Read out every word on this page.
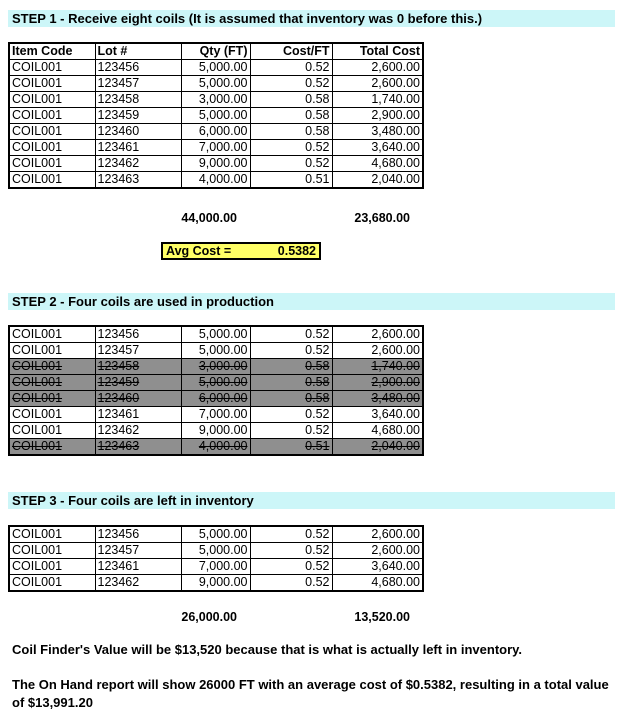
STEP 1 - Receive eight coils (It is assumed that inventory was 0 before this.)
Item Code	Lot #	Qty (FT)	Cost/FT	Total Cost
COIL001	123456	5,000.00	0.52	2,600.00
COIL001	123457	5,000.00	0.52	2,600.00
COIL001	123458	3,000.00	0.58	1,740.00
COIL001	123459	5,000.00	0.58	2,900.00
COIL001	123460	6,000.00	0.58	3,480.00
COIL001	123461	7,000.00	0.52	3,640.00
COIL001	123462	9,000.00	0.52	4,680.00
COIL001	123463	4,000.00	0.51	2,040.00
44,000.00	23,680.00
Avg Cost =	0.5382
STEP 2 - Four coils are used in production
COIL001	123456	5,000.00	0.52	2,600.00
COIL001	123457	5,000.00	0.52	2,600.00
COIL001	123458	3,000.00	0.58	1,740.00
COIL001	123459	5,000.00	0.58	2,900.00
COIL001	123460	6,000.00	0.58	3,480.00
COIL001	123461	7,000.00	0.52	3,640.00
COIL001	123462	9,000.00	0.52	4,680.00
COIL001	123463	4,000.00	0.51	2,040.00
STEP 3 - Four coils are left in inventory
COIL001	123456	5,000.00	0.52	2,600.00
COIL001	123457	5,000.00	0.52	2,600.00
COIL001	123461	7,000.00	0.52	3,640.00
COIL001	123462	9,000.00	0.52	4,680.00
26,000.00	13,520.00
Coil Finder's Value will be $13,520 because that is what is actually left in inventory.
The On Hand report will show 26000 FT with an average cost of $0.5382, resulting in a total value of $13,991.20
